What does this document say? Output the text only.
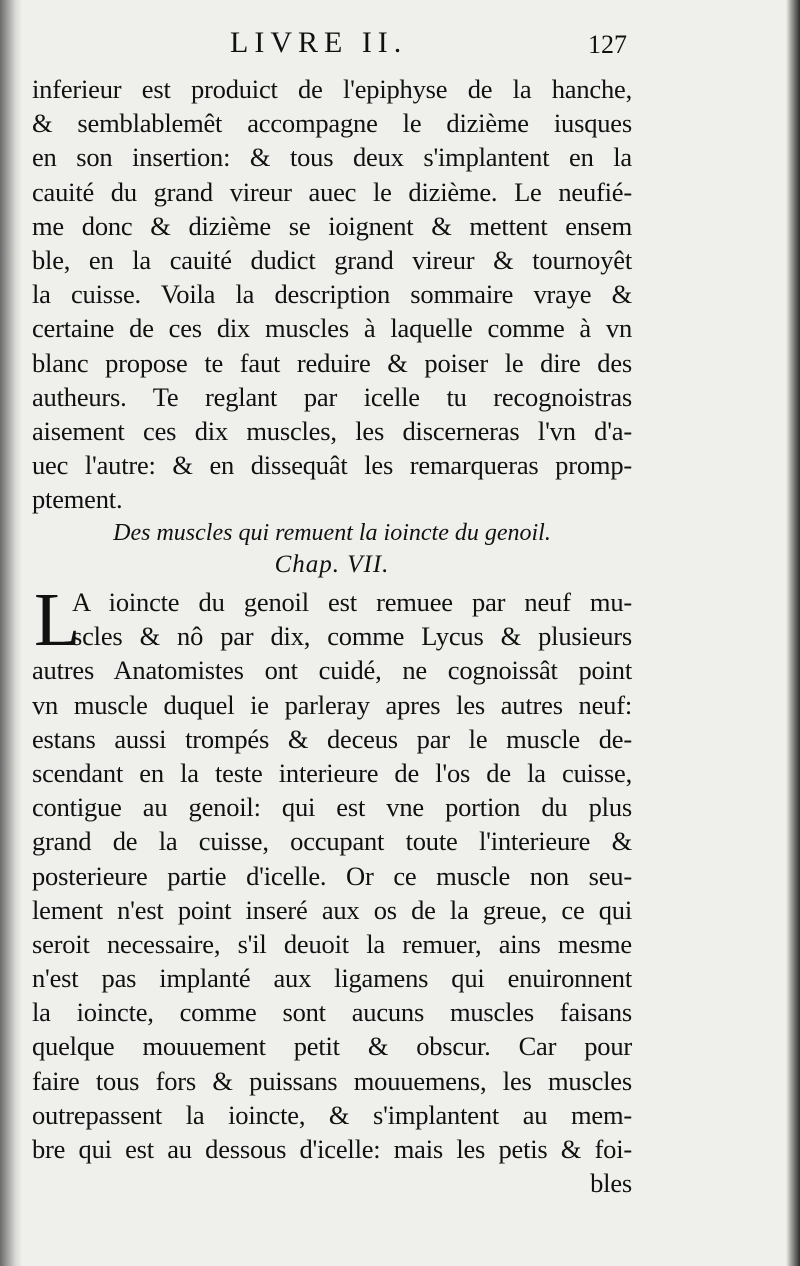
LIVRE II.	127
inferieur est produict de l'epiphyse de la hanche,
& semblablemêt accompagne le dizième iusques
en son insertion: & tous deux s'implantent en la
cauité du grand vireur auec le dizième. Le neufié-
me donc & dizième se ioignent & mettent ensem
ble, en la cauité dudict grand vireur & tournoyêt
la cuisse. Voila la description sommaire vraye &
certaine de ces dix muscles à laquelle comme à vn
blanc propose te faut reduire & poiser le dire des
autheurs. Te reglant par icelle tu recognoistras
aisement ces dix muscles, les discerneras l'vn d'a-
uec l'autre: & en dissequât les remarqueras promp-
ptement.
Des muscles qui remuent la ioincte du genoil.
Chap. VII.
L
A ioincte du genoil est remuee par neuf mu-
scles & nô par dix, comme Lycus & plusieurs
autres Anatomistes ont cuidé, ne cognoissât point
vn muscle duquel ie parleray apres les autres neuf:
estans aussi trompés & deceus par le muscle de-
scendant en la teste interieure de l'os de la cuisse,
contigue au genoil: qui est vne portion du plus
grand de la cuisse, occupant toute l'interieure &
posterieure partie d'icelle. Or ce muscle non seu-
lement n'est point inseré aux os de la greue, ce qui
seroit necessaire, s'il deuoit la remuer, ains mesme
n'est pas implanté aux ligamens qui enuironnent
la ioincte, comme sont aucuns muscles faisans
quelque mouuement petit & obscur. Car pour
faire tous fors & puissans mouuemens, les muscles
outrepassent la ioincte, & s'implantent au mem-
bre qui est au dessous d'icelle: mais les petis & foi-
bles
